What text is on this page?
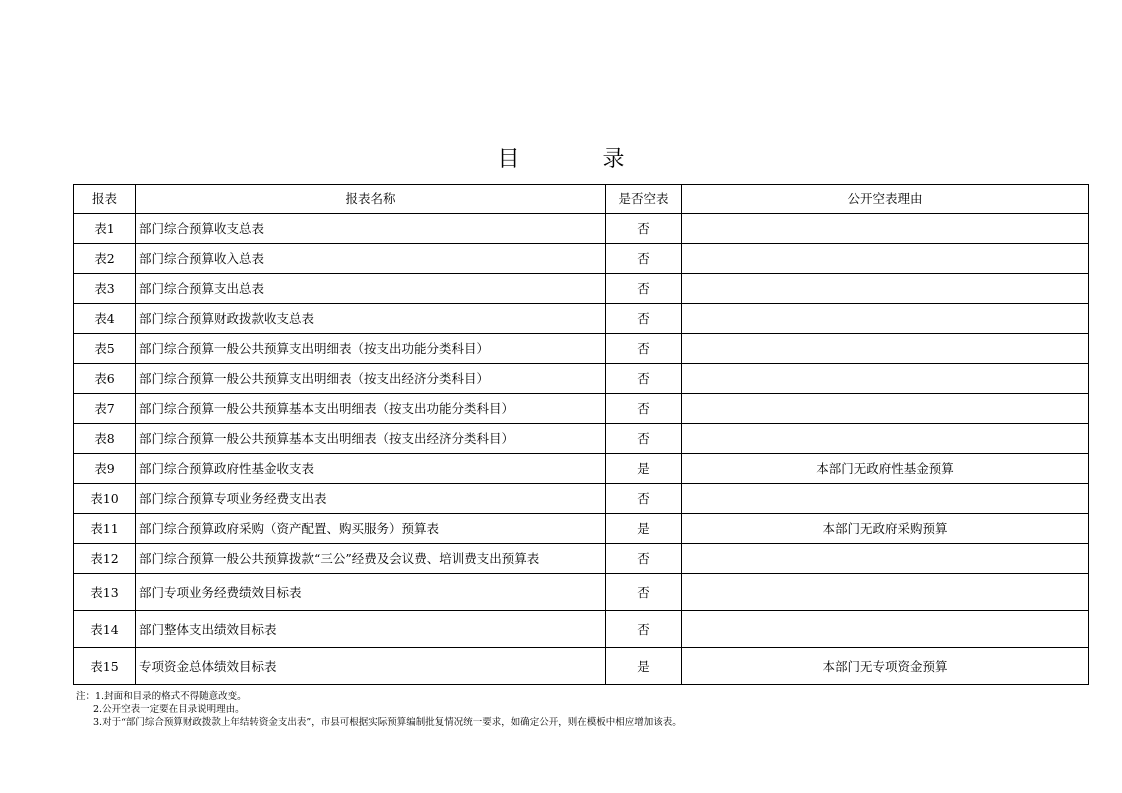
目 录
报表	报表名称	是否空表	公开空表理由
表1	部门综合预算收支总表	否	
表2	部门综合预算收入总表	否	
表3	部门综合预算支出总表	否	
表4	部门综合预算财政拨款收支总表	否	
表5	部门综合预算一般公共预算支出明细表（按支出功能分类科目）	否	
表6	部门综合预算一般公共预算支出明细表（按支出经济分类科目）	否	
表7	部门综合预算一般公共预算基本支出明细表（按支出功能分类科目）	否	
表8	部门综合预算一般公共预算基本支出明细表（按支出经济分类科目）	否	
表9	部门综合预算政府性基金收支表	是	本部门无政府性基金预算
表10	部门综合预算专项业务经费支出表	否	
表11	部门综合预算政府采购（资产配置、购买服务）预算表	是	本部门无政府采购预算
表12	部门综合预算一般公共预算拨款“三公”经费及会议费、培训费支出预算表	否	
表13	部门专项业务经费绩效目标表	否	
表14	部门整体支出绩效目标表	否	
表15	专项资金总体绩效目标表	是	本部门无专项资金预算
注：1.封面和目录的格式不得随意改变。
2.公开空表一定要在目录说明理由。
3.对于“部门综合预算财政拨款上年结转资金支出表”，市县可根据实际预算编制批复情况统一要求，如确定公开，则在模板中相应增加该表。
